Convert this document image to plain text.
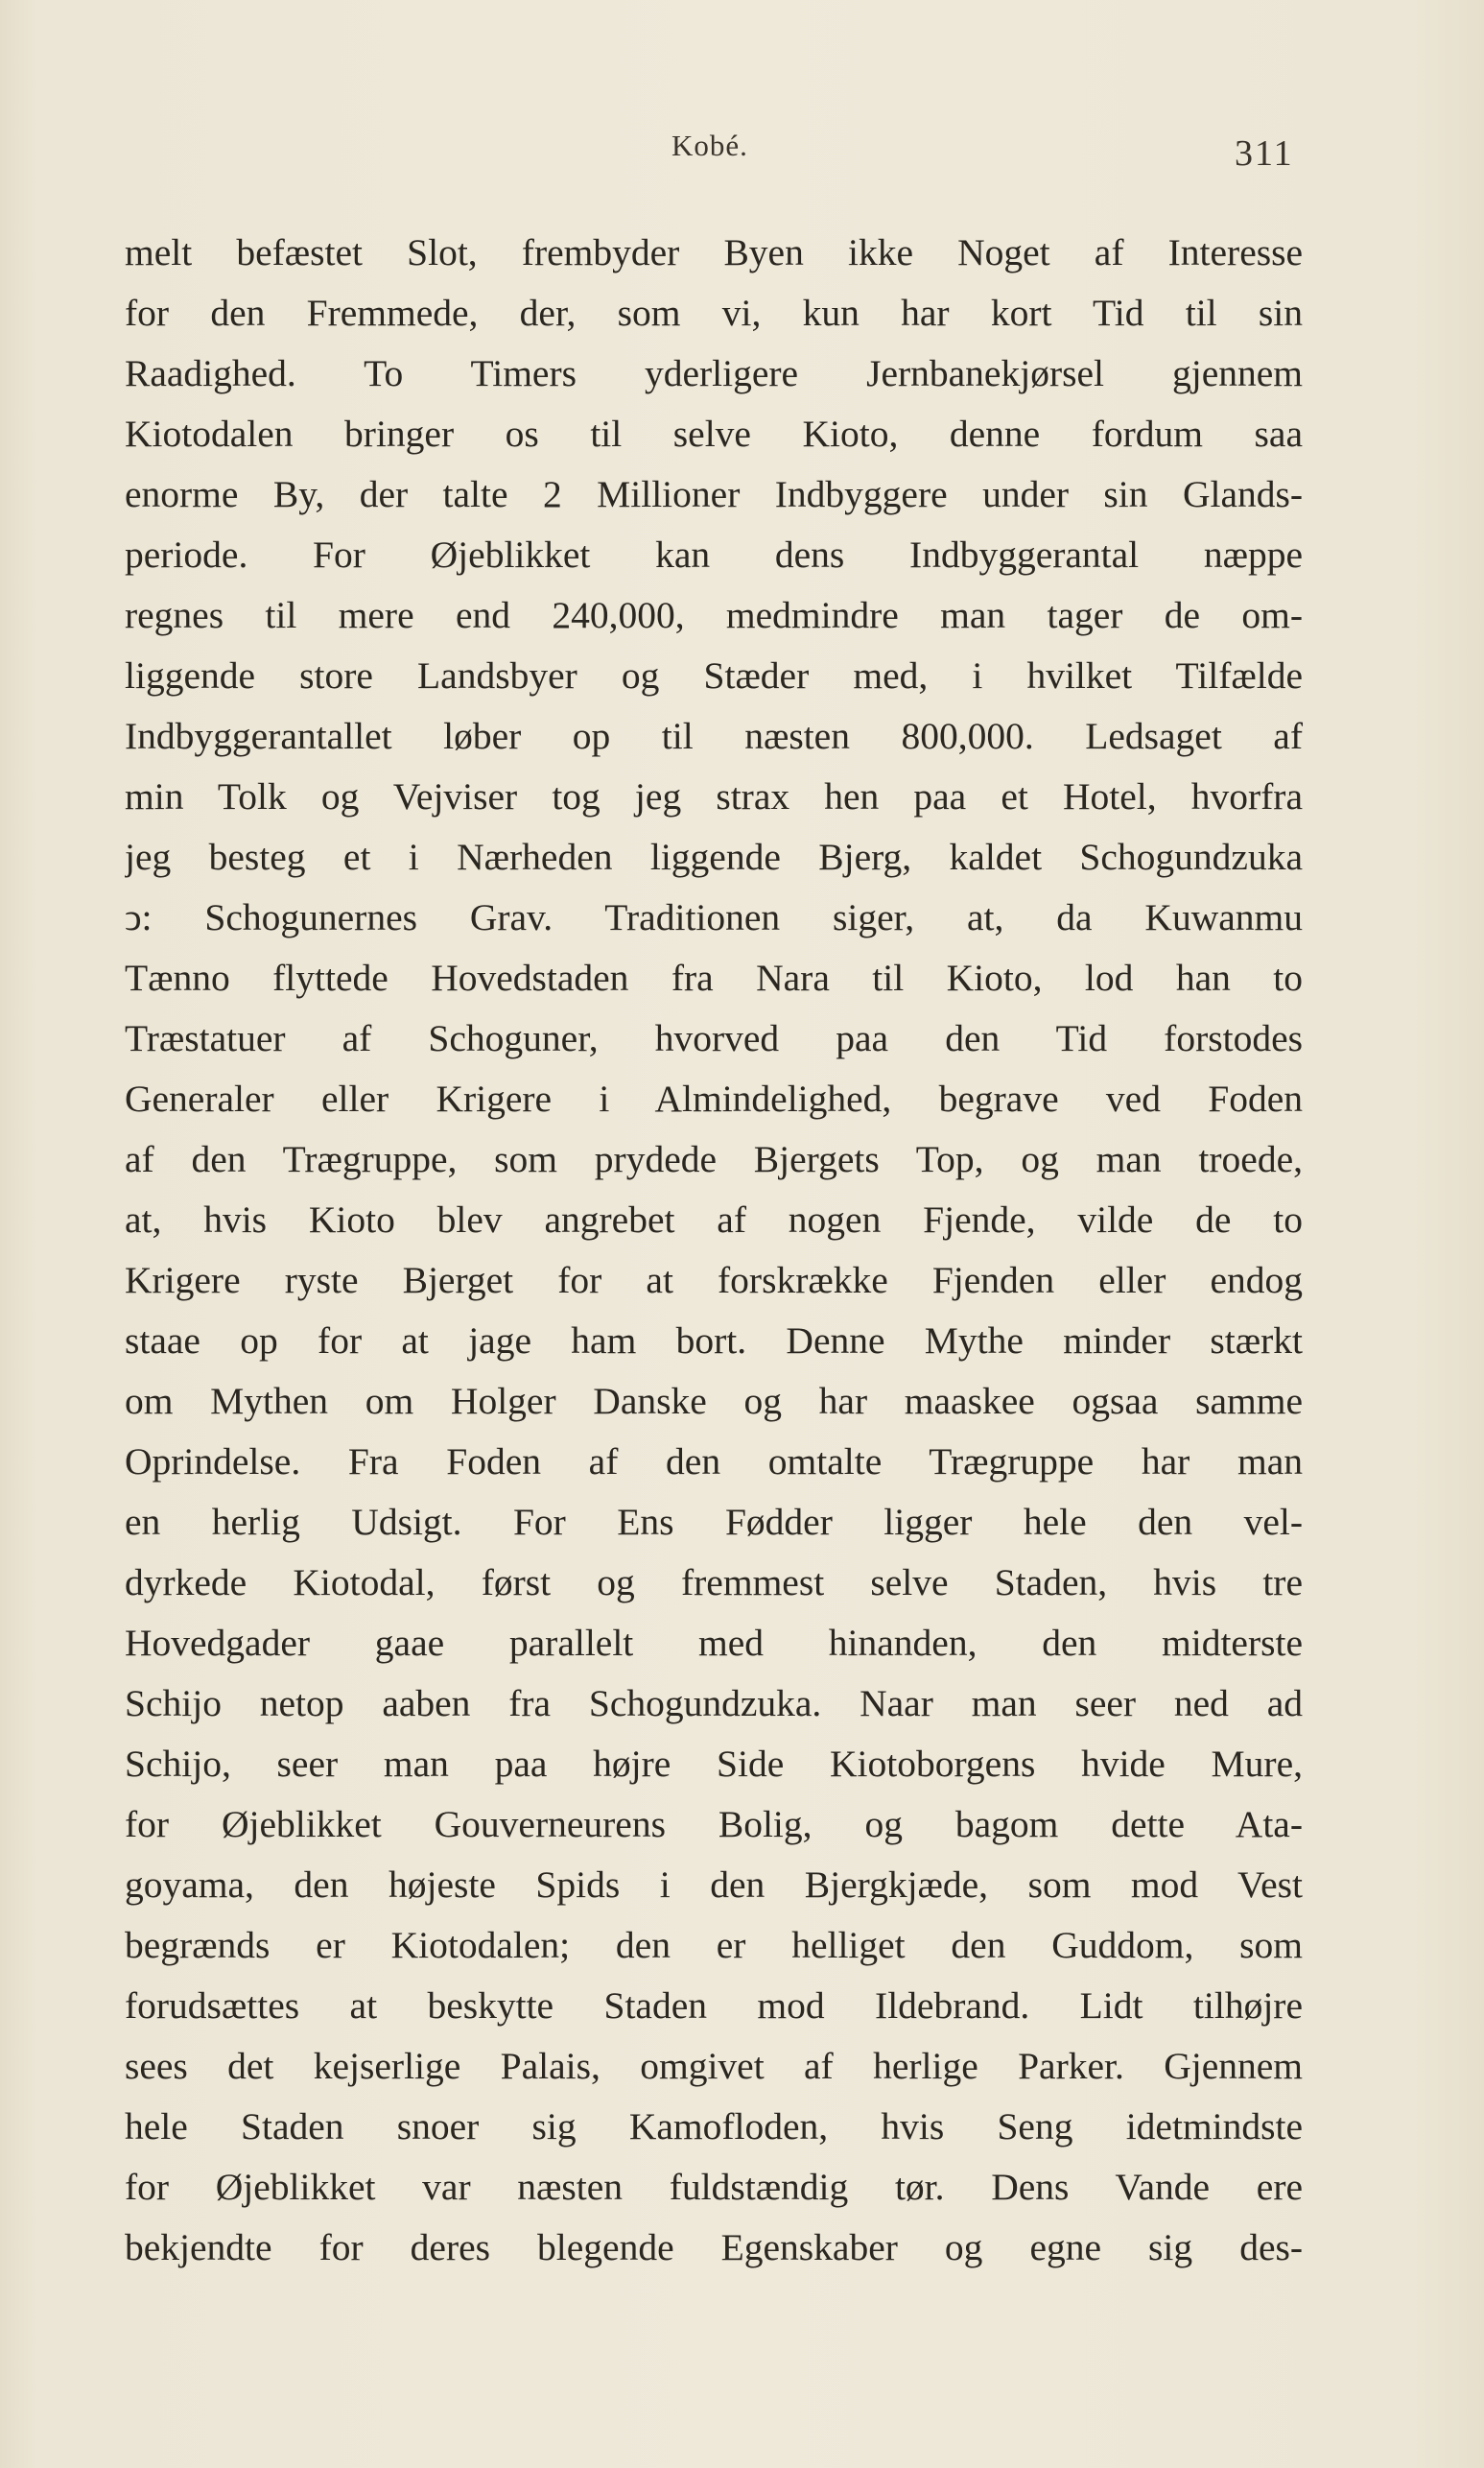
Kobé.	311
melt befæstet Slot, frembyder Byen ikke Noget af Interesse
for den Fremmede, der, som vi, kun har kort Tid til sin
Raadighed. To Timers yderligere Jernbanekjørsel gjennem
Kiotodalen bringer os til selve Kioto, denne fordum saa
enorme By, der talte 2 Millioner Indbyggere under sin Glands-
periode. For Øjeblikket kan dens Indbyggerantal næppe
regnes til mere end 240,000, medmindre man tager de om-
liggende store Landsbyer og Stæder med, i hvilket Tilfælde
Indbyggerantallet løber op til næsten 800,000. Ledsaget af
min Tolk og Vejviser tog jeg strax hen paa et Hotel, hvorfra
jeg besteg et i Nærheden liggende Bjerg, kaldet Schogundzuka
ↄ: Schogunernes Grav. Traditionen siger, at, da Kuwanmu
Tænno flyttede Hovedstaden fra Nara til Kioto, lod han to
Træstatuer af Schoguner, hvorved paa den Tid forstodes
Generaler eller Krigere i Almindelighed, begrave ved Foden
af den Trægruppe, som prydede Bjergets Top, og man troede,
at, hvis Kioto blev angrebet af nogen Fjende, vilde de to
Krigere ryste Bjerget for at forskrække Fjenden eller endog
staae op for at jage ham bort. Denne Mythe minder stærkt
om Mythen om Holger Danske og har maaskee ogsaa samme
Oprindelse. Fra Foden af den omtalte Trægruppe har man
en herlig Udsigt. For Ens Fødder ligger hele den vel-
dyrkede Kiotodal, først og fremmest selve Staden, hvis tre
Hovedgader gaae parallelt med hinanden, den midterste
Schijo netop aaben fra Schogundzuka. Naar man seer ned ad
Schijo, seer man paa højre Side Kiotoborgens hvide Mure,
for Øjeblikket Gouverneurens Bolig, og bagom dette Ata-
goyama, den højeste Spids i den Bjergkjæde, som mod Vest
begrænds er Kiotodalen; den er helliget den Guddom, som
forudsættes at beskytte Staden mod Ildebrand. Lidt tilhøjre
sees det kejserlige Palais, omgivet af herlige Parker. Gjennem
hele Staden snoer sig Kamofloden, hvis Seng idetmindste
for Øjeblikket var næsten fuldstændig tør. Dens Vande ere
bekjendte for deres blegende Egenskaber og egne sig des-
